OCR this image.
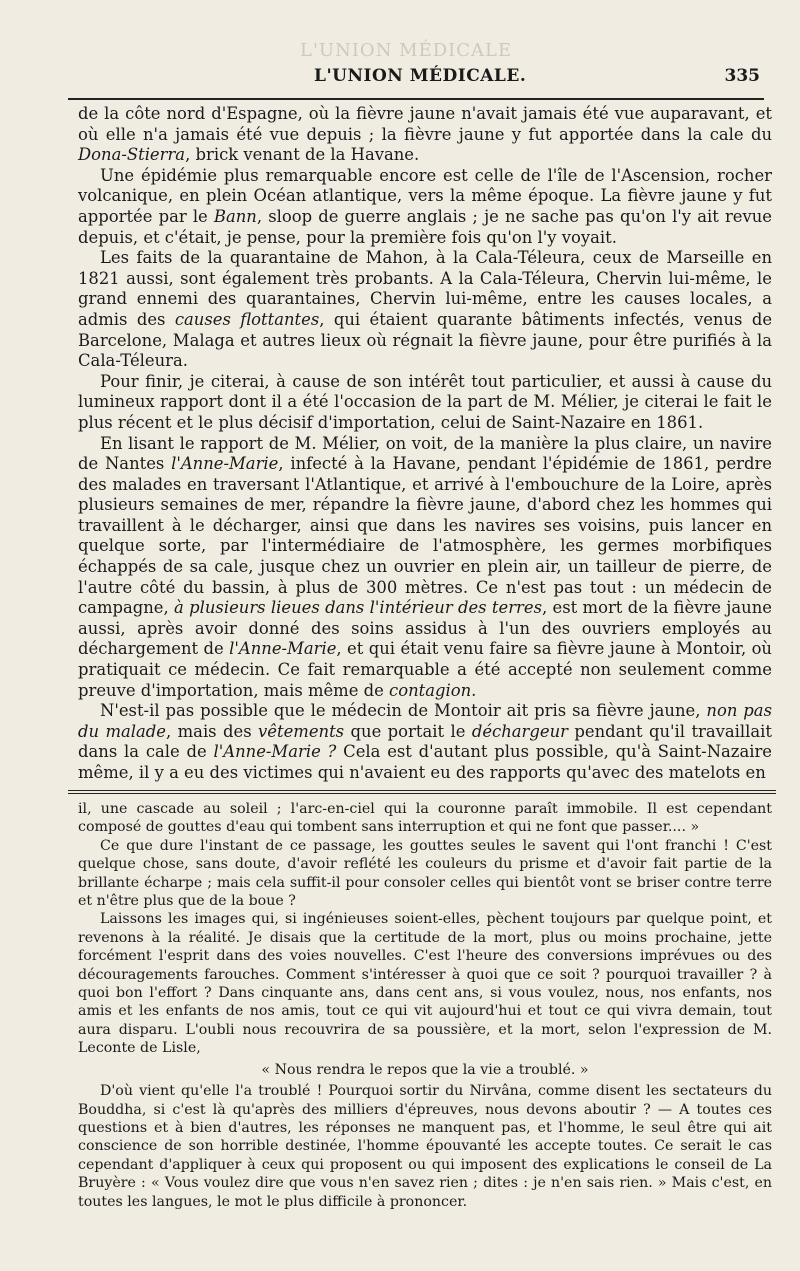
L'UNION MÉDICALE
L'UNION MÉDICALE.	335

de la côte nord d'Espagne, où la fièvre jaune n'avait jamais été vue auparavant, et où elle n'a jamais été vue depuis ; la fièvre jaune y fut apportée dans la cale du Dona-Stierra, brick venant de la Havane.

Une épidémie plus remarquable encore est celle de l'île de l'Ascension, rocher volcanique, en plein Océan atlantique, vers la même époque. La fièvre jaune y fut apportée par le Bann, sloop de guerre anglais ; je ne sache pas qu'on l'y ait revue depuis, et c'était, je pense, pour la première fois qu'on l'y voyait.

Les faits de la quarantaine de Mahon, à la Cala-Téleura, ceux de Marseille en 1821 aussi, sont également très probants. A la Cala-Téleura, Chervin lui-même, le grand ennemi des quarantaines, Chervin lui-même, entre les causes locales, a admis des causes flottantes, qui étaient quarante bâtiments infectés, venus de Barcelone, Malaga et autres lieux où régnait la fièvre jaune, pour être purifiés à la Cala-Téleura.

Pour finir, je citerai, à cause de son intérêt tout particulier, et aussi à cause du lumineux rapport dont il a été l'occasion de la part de M. Mélier, je citerai le fait le plus récent et le plus décisif d'importation, celui de Saint-Nazaire en 1861.

En lisant le rapport de M. Mélier, on voit, de la manière la plus claire, un navire de Nantes l'Anne-Marie, infecté à la Havane, pendant l'épidémie de 1861, perdre des malades en traversant l'Atlantique, et arrivé à l'embouchure de la Loire, après plusieurs semaines de mer, répandre la fièvre jaune, d'abord chez les hommes qui travaillent à le décharger, ainsi que dans les navires ses voisins, puis lancer en quelque sorte, par l'intermédiaire de l'atmosphère, les germes morbifiques échappés de sa cale, jusque chez un ouvrier en plein air, un tailleur de pierre, de l'autre côté du bassin, à plus de 300 mètres. Ce n'est pas tout : un médecin de campagne, à plusieurs lieues dans l'intérieur des terres, est mort de la fièvre jaune aussi, après avoir donné des soins assidus à l'un des ouvriers employés au déchargement de l'Anne-Marie, et qui était venu faire sa fièvre jaune à Montoir, où pratiquait ce médecin. Ce fait remarquable a été accepté non seulement comme preuve d'importation, mais même de contagion.

N'est-il pas possible que le médecin de Montoir ait pris sa fièvre jaune, non pas du malade, mais des vêtements que portait le déchargeur pendant qu'il travaillait dans la cale de l'Anne-Marie ? Cela est d'autant plus possible, qu'à Saint-Nazaire même, il y a eu des victimes qui n'avaient eu des rapports qu'avec des matelots en

il, une cascade au soleil ; l'arc-en-ciel qui la couronne paraît immobile. Il est cependant composé de gouttes d'eau qui tombent sans interruption et qui ne font que passer.... »

Ce que dure l'instant de ce passage, les gouttes seules le savent qui l'ont franchi ! C'est quelque chose, sans doute, d'avoir reflété les couleurs du prisme et d'avoir fait partie de la brillante écharpe ; mais cela suffit-il pour consoler celles qui bientôt vont se briser contre terre et n'être plus que de la boue ?

Laissons les images qui, si ingénieuses soient-elles, pèchent toujours par quelque point, et revenons à la réalité. Je disais que la certitude de la mort, plus ou moins prochaine, jette forcément l'esprit dans des voies nouvelles. C'est l'heure des conversions imprévues ou des découragements farouches. Comment s'intéresser à quoi que ce soit ? pourquoi travailler ? à quoi bon l'effort ? Dans cinquante ans, dans cent ans, si vous voulez, nous, nos enfants, nos amis et les enfants de nos amis, tout ce qui vit aujourd'hui et tout ce qui vivra demain, tout aura disparu. L'oubli nous recouvrira de sa poussière, et la mort, selon l'expression de M. Leconte de Lisle,

« Nous rendra le repos que la vie a troublé. »

D'où vient qu'elle l'a troublé ! Pourquoi sortir du Nirvâna, comme disent les sectateurs du Bouddha, si c'est là qu'après des milliers d'épreuves, nous devons aboutir ? — A toutes ces questions et à bien d'autres, les réponses ne manquent pas, et l'homme, le seul être qui ait conscience de son horrible destinée, l'homme épouvanté les accepte toutes. Ce serait le cas cependant d'appliquer à ceux qui proposent ou qui imposent des explications le conseil de La Bruyère : « Vous voulez dire que vous n'en savez rien ; dites : je n'en sais rien. » Mais c'est, en toutes les langues, le mot le plus difficile à prononcer.
